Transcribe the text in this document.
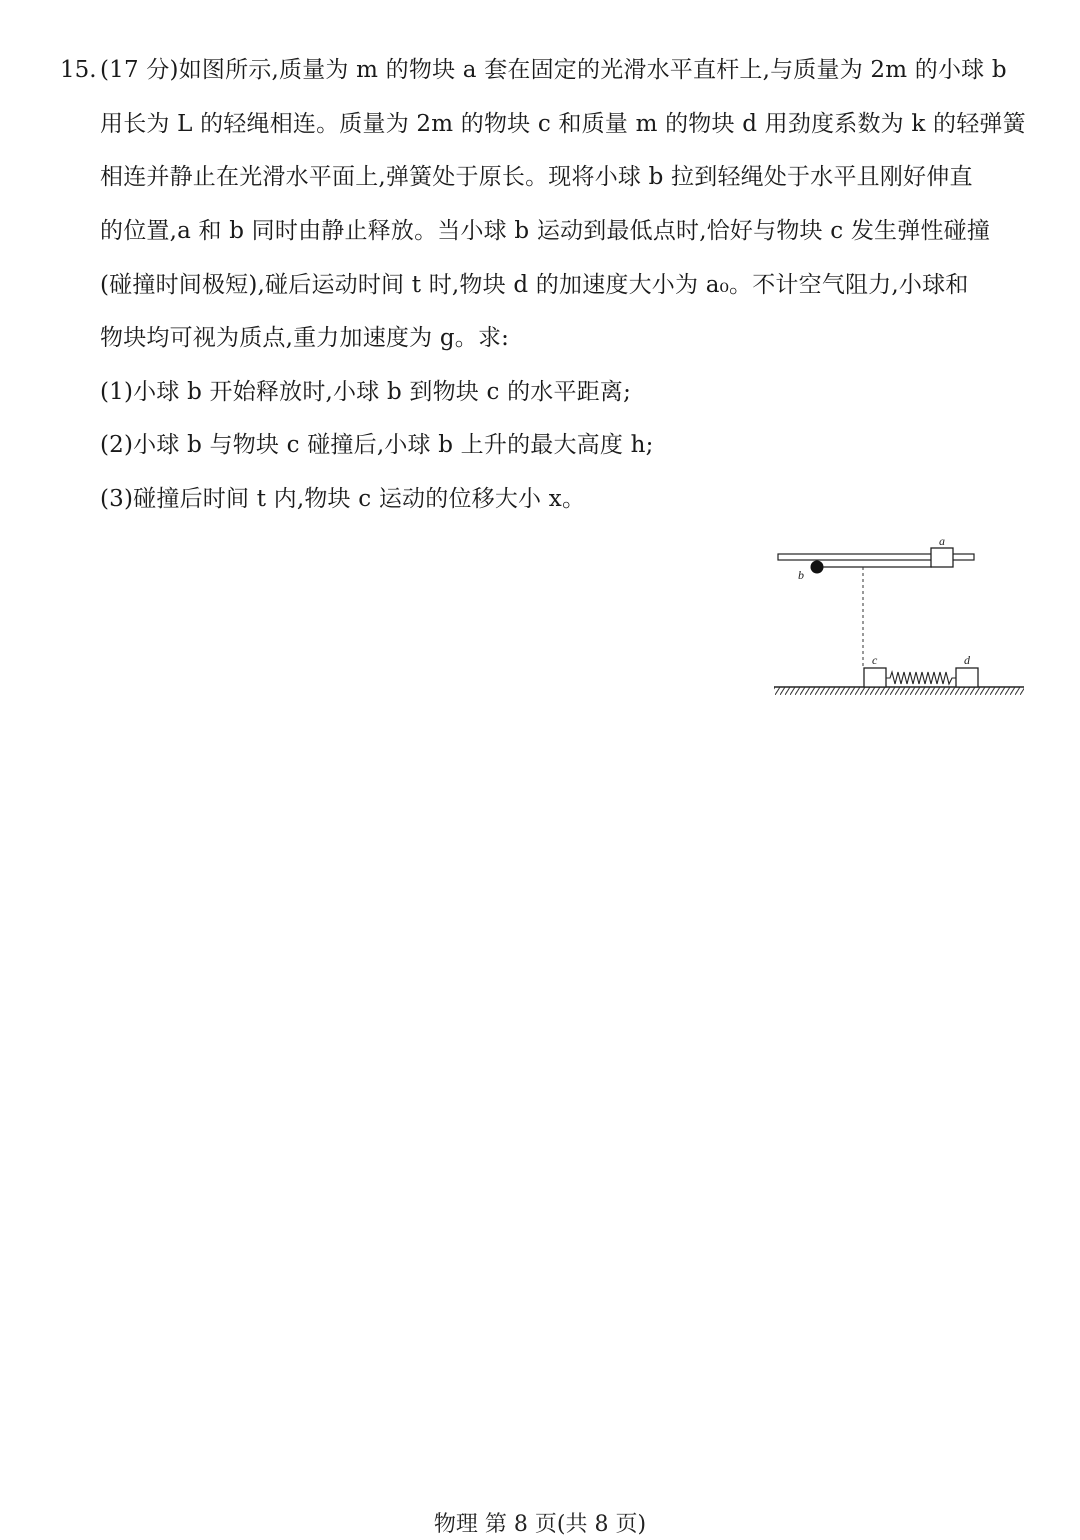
15. (17 分)如图所示,质量为 m 的物块 a 套在固定的光滑水平直杆上,与质量为 2m 的小球 b
用长为 L 的轻绳相连。质量为 2m 的物块 c 和质量 m 的物块 d 用劲度系数为 k 的轻弹簧
相连并静止在光滑水平面上,弹簧处于原长。现将小球 b 拉到轻绳处于水平且刚好伸直
的位置,a 和 b 同时由静止释放。当小球 b 运动到最低点时,恰好与物块 c 发生弹性碰撞
(碰撞时间极短),碰后运动时间 t 时,物块 d 的加速度大小为 a₀。不计空气阻力,小球和
物块均可视为质点,重力加速度为 g。求:
(1)小球 b 开始释放时,小球 b 到物块 c 的水平距离;
(2)小球 b 与物块 c 碰撞后,小球 b 上升的最大高度 h;
(3)碰撞后时间 t 内,物块 c 运动的位移大小 x。
a
b
c	d
物理 第 8 页(共 8 页)
